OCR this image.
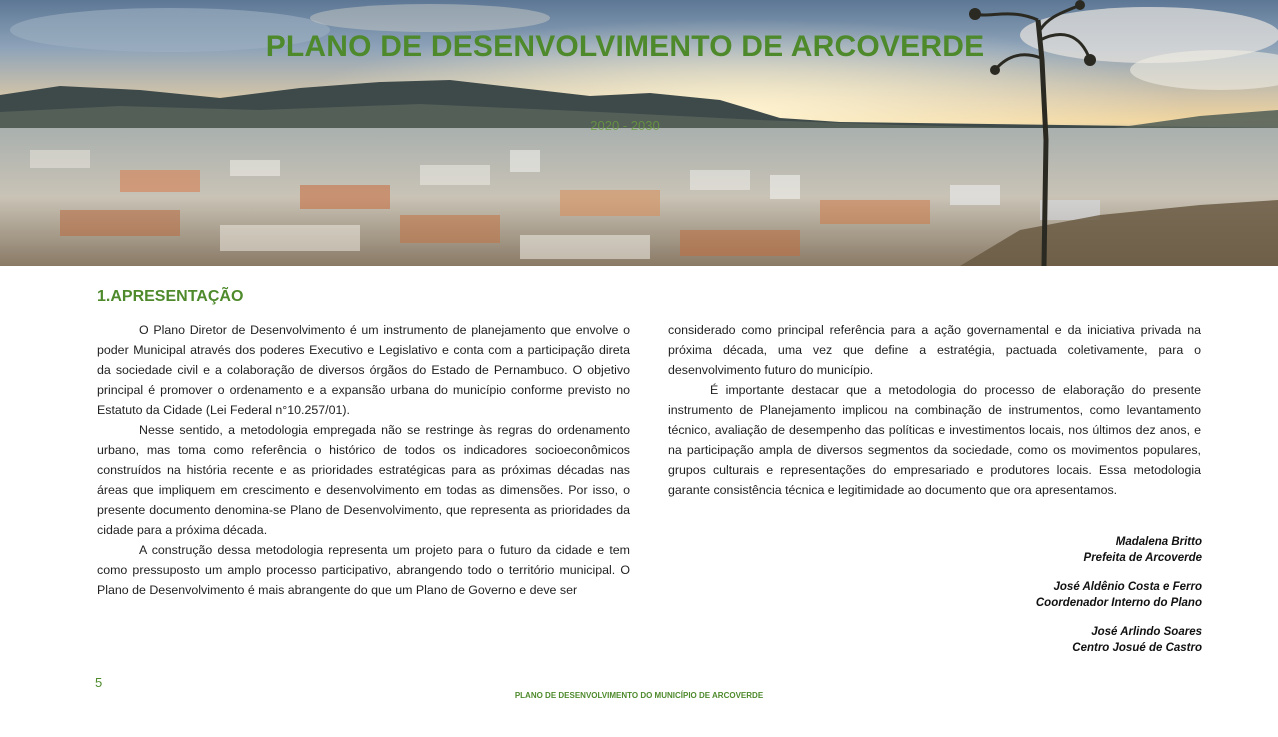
PLANO DE DESENVOLVIMENTO DE ARCOVERDE
2020 - 2030
1.APRESENTAÇÃO

O Plano Diretor de Desenvolvimento é um instrumento de planejamento que envolve o poder Municipal através dos poderes Executivo e Legislativo e conta com a participação direta da sociedade civil e a colaboração de diversos órgãos do Estado de Pernambuco. O objetivo principal é promover o ordenamento e a expansão urbana do município conforme previsto no Estatuto da Cidade (Lei Federal n°10.257/01).

Nesse sentido, a metodologia empregada não se restringe às regras do ordenamento urbano, mas toma como referência o histórico de todos os indicadores socioeconômicos construídos na história recente e as prioridades estratégicas para as próximas décadas nas áreas que impliquem em crescimento e desenvolvimento em todas as dimensões. Por isso, o presente documento denomina-se Plano de Desenvolvimento, que representa as prioridades da cidade para a próxima década.

A construção dessa metodologia representa um projeto para o futuro da cidade e tem como pressuposto um amplo processo participativo, abrangendo todo o território municipal. O Plano de Desenvolvimento é mais abrangente do que um Plano de Governo e deve ser

considerado como principal referência para a ação governamental e da iniciativa privada na próxima década, uma vez que define a estratégia, pactuada coletivamente, para o desenvolvimento futuro do município.

É importante destacar que a metodologia do processo de elaboração do presente instrumento de Planejamento implicou na combinação de instrumentos, como levantamento técnico, avaliação de desempenho das políticas e investimentos locais, nos últimos dez anos, e na participação ampla de diversos segmentos da sociedade, como os movimentos populares, grupos culturais e representações do empresariado e produtores locais. Essa metodologia garante consistência técnica e legitimidade ao documento que ora apresentamos.

Madalena Britto
Prefeita de Arcoverde
José Aldênio Costa e Ferro
Coordenador Interno do Plano
José Arlindo Soares
Centro Josué de Castro
5
PLANO DE DESENVOLVIMENTO DO MUNICÍPIO DE ARCOVERDE
